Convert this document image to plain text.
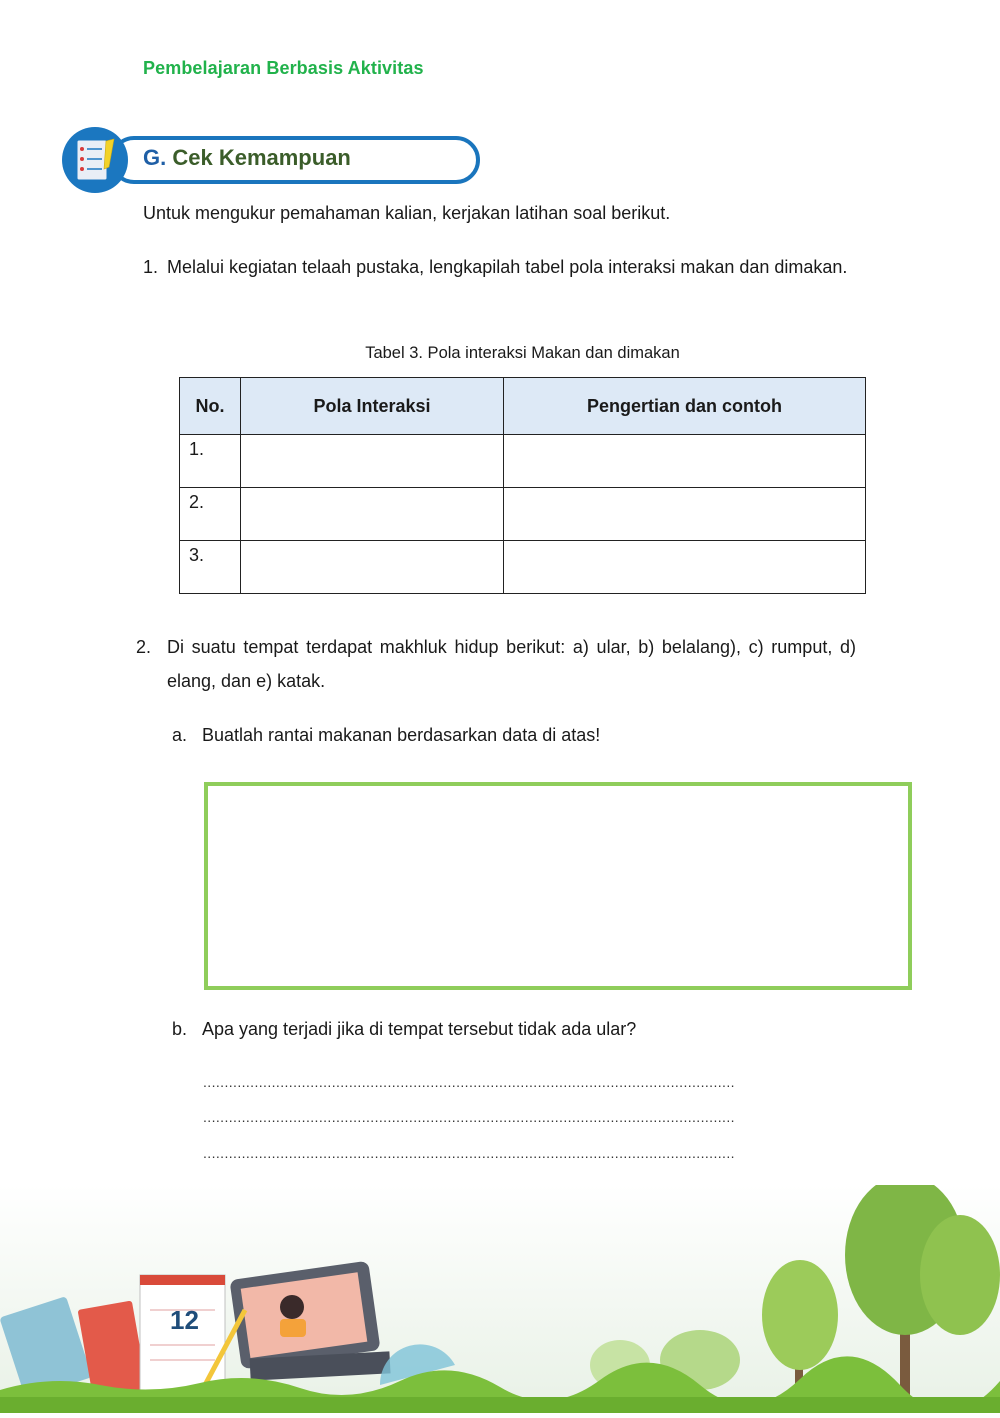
Pembelajaran Berbasis Aktivitas
G. Cek Kemampuan
Untuk mengukur pemahaman kalian, kerjakan latihan soal berikut.
1. Melalui kegiatan telaah pustaka, lengkapilah tabel pola interaksi makan dan dimakan.
Tabel 3. Pola interaksi Makan dan dimakan
No.	Pola Interaksi	Pengertian dan contoh
1.		
2.		
3.		
2. Di suatu tempat terdapat makhluk hidup berikut: a) ular, b) belalang), c) rumput, d) elang, dan e) katak.
a. Buatlah rantai makanan berdasarkan data di atas!
b. Apa yang terjadi jika di tempat tersebut tidak ada ular?
............................................................................................................................
............................................................................................................................
............................................................................................................................
12
